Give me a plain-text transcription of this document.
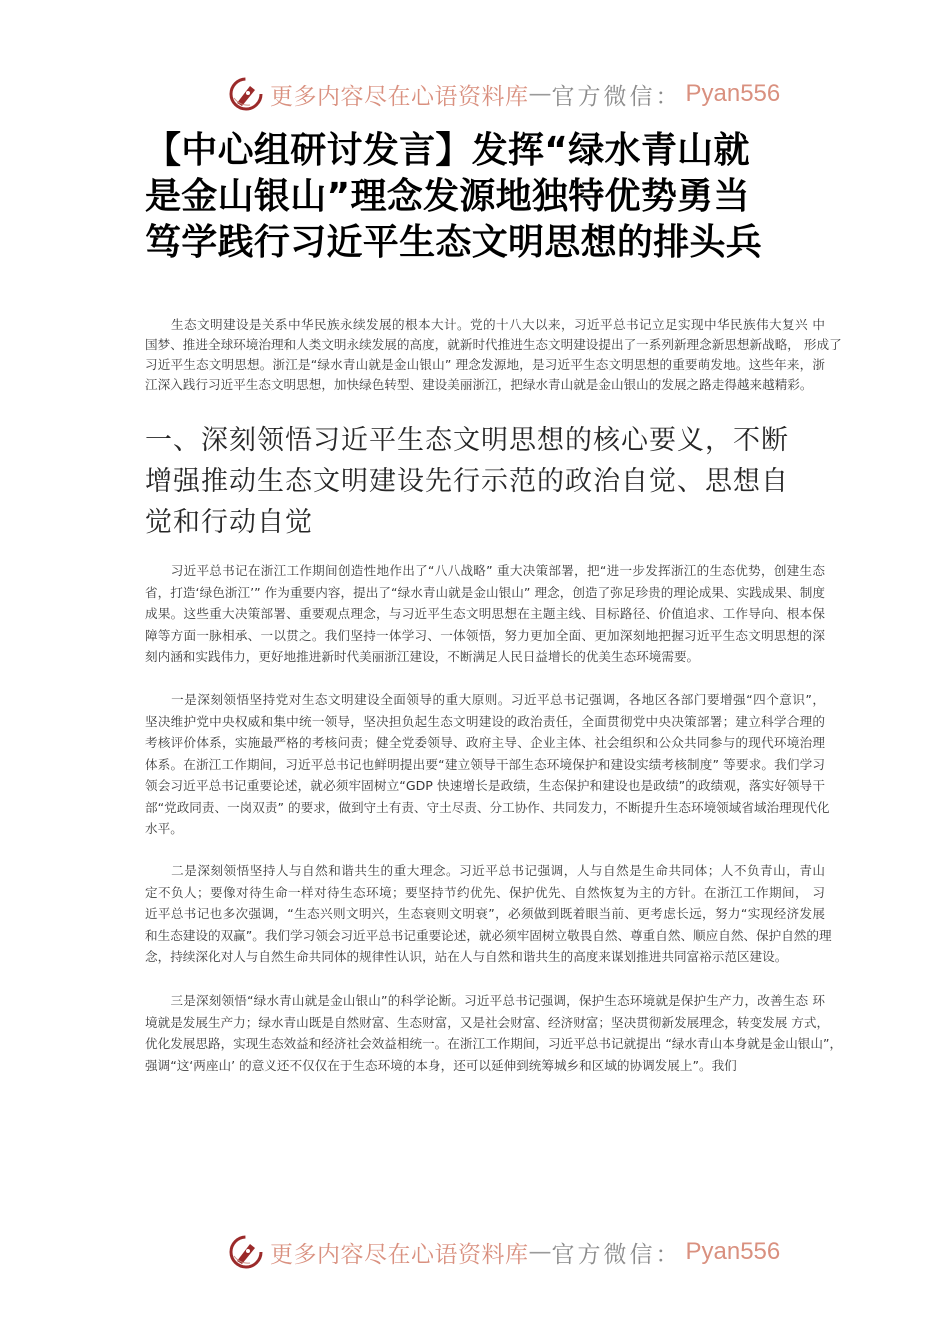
更多内容尽在心语资料库 — 官方微信： Pyan556
【中心组研讨发言】发挥“绿水青山就
是金山银山”理念发源地独特优势勇当
笃学践行习近平生态文明思想的排头兵
　　生态文明建设是关系中华民族永续发展的根本大计。党的十八大以来，习近平总书记立足实现中华民族伟大复兴 中
国梦、推进全球环境治理和人类文明永续发展的高度，就新时代推进生态文明建设提出了一系列新理念新思想新战略， 形成了
习近平生态文明思想。浙江是“绿水青山就是金山银山” 理念发源地，是习近平生态文明思想的重要萌发地。这些年来，浙
江深入践行习近平生态文明思想，加快绿色转型、建设美丽浙江，把绿水青山就是金山银山的发展之路走得越来越精彩。
一、深刻领悟习近平生态文明思想的核心要义，不断
增强推动生态文明建设先行示范的政治自觉、思想自
觉和行动自觉
　　习近平总书记在浙江工作期间创造性地作出了“八八战略” 重大决策部署，把“进一步发挥浙江的生态优势，创建生态
省，打造‘绿色浙江’” 作为重要内容，提出了“绿水青山就是金山银山” 理念，创造了弥足珍贵的理论成果、实践成果、制度
成果。这些重大决策部署、重要观点理念，与习近平生态文明思想在主题主线、目标路径、价值追求、工作导向、根本保
障等方面一脉相承、一以贯之。我们坚持一体学习、一体领悟，努力更加全面、更加深刻地把握习近平生态文明思想的深
刻内涵和实践伟力，更好地推进新时代美丽浙江建设，不断满足人民日益增长的优美生态环境需要。
　　一是深刻领悟坚持党对生态文明建设全面领导的重大原则。习近平总书记强调，各地区各部门要增强“四个意识”，
坚决维护党中央权威和集中统一领导，坚决担负起生态文明建设的政治责任，全面贯彻党中央决策部署；建立科学合理的
考核评价体系，实施最严格的考核问责；健全党委领导、政府主导、企业主体、社会组织和公众共同参与的现代环境治理
体系。在浙江工作期间，习近平总书记也鲜明提出要“建立领导干部生态环境保护和建设实绩考核制度” 等要求。我们学习
领会习近平总书记重要论述，就必须牢固树立“GDP 快速增长是政绩，生态保护和建设也是政绩”的政绩观，落实好领导干
部“党政同责、一岗双责” 的要求，做到守土有责、守土尽责、分工协作、共同发力，不断提升生态环境领域省域治理现代化
水平。
　　二是深刻领悟坚持人与自然和谐共生的重大理念。习近平总书记强调，人与自然是生命共同体；人不负青山，青山
定不负人；要像对待生命一样对待生态环境；要坚持节约优先、保护优先、自然恢复为主的方针。在浙江工作期间， 习
近平总书记也多次强调，“生态兴则文明兴，生态衰则文明衰”，必须做到既着眼当前、更考虑长远，努力“实现经济发展
和生态建设的双赢”。我们学习领会习近平总书记重要论述，就必须牢固树立敬畏自然、尊重自然、顺应自然、保护自然的理
念，持续深化对人与自然生命共同体的规律性认识，站在人与自然和谐共生的高度来谋划推进共同富裕示范区建设。
　　三是深刻领悟“绿水青山就是金山银山”的科学论断。习近平总书记强调，保护生态环境就是保护生产力，改善生态 环
境就是发展生产力；绿水青山既是自然财富、生态财富，又是社会财富、经济财富；坚决贯彻新发展理念，转变发展 方式，
优化发展思路，实现生态效益和经济社会效益相统一。在浙江工作期间，习近平总书记就提出 “绿水青山本身就是金山银山”，
强调“这‘两座山’ 的意义还不仅仅在于生态环境的本身，还可以延伸到统筹城乡和区域的协调发展上”。我们
更多内容尽在心语资料库 — 官方微信： Pyan556
